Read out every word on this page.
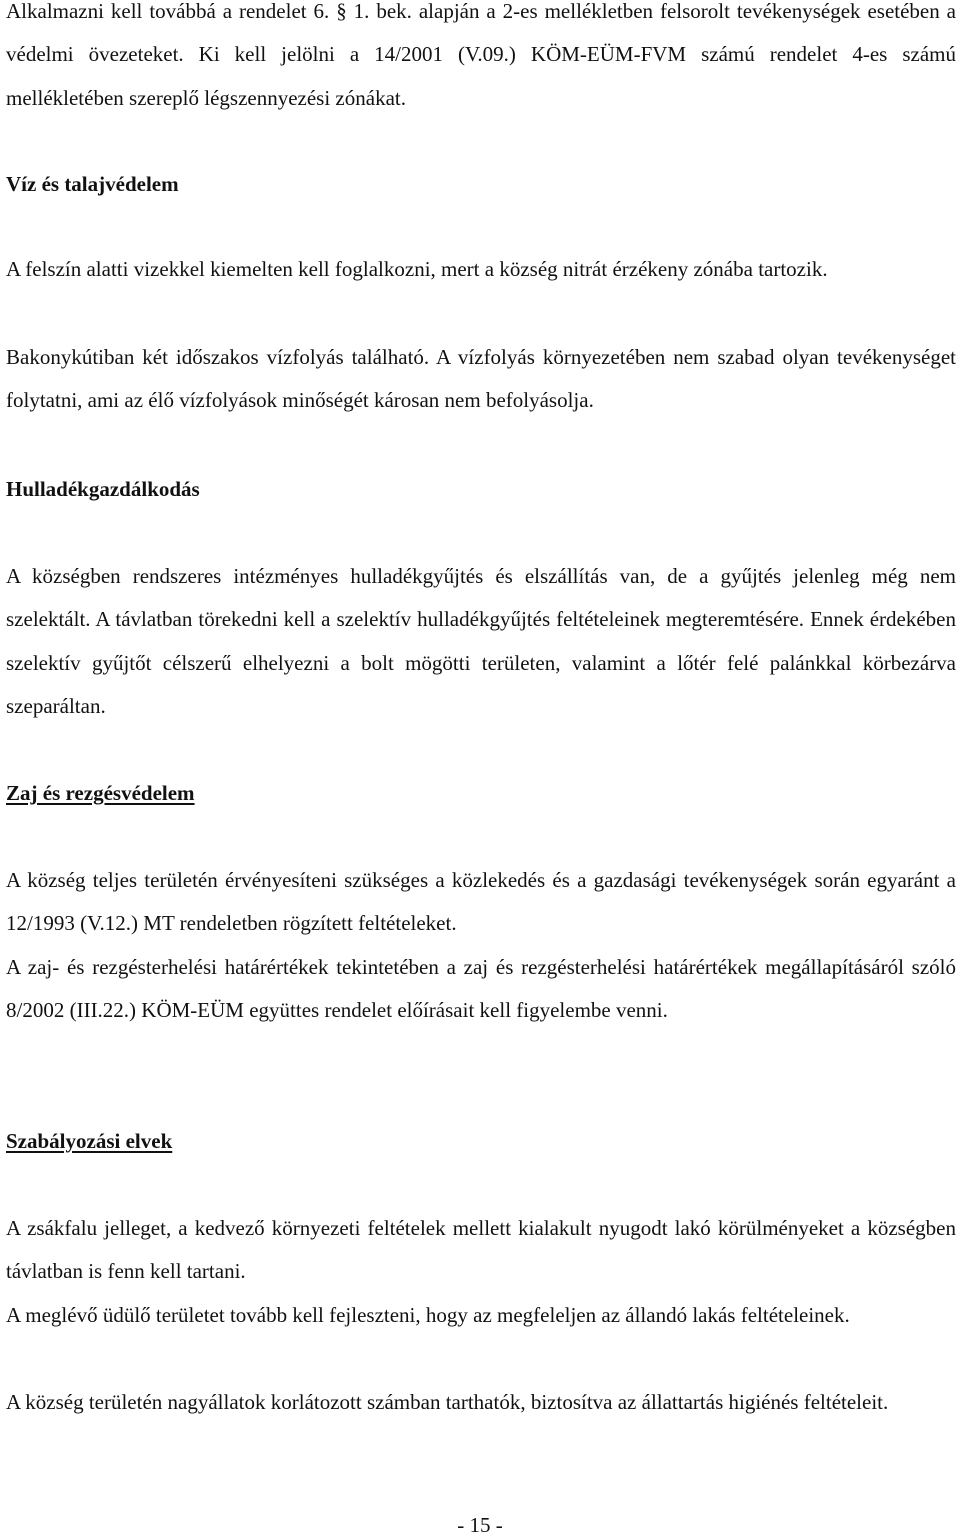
Alkalmazni kell továbbá a rendelet 6. § 1. bek. alapján a 2-es mellékletben felsorolt tevékenységek esetében a védelmi övezeteket. Ki kell jelölni a 14/2001 (V.09.) KÖM-EÜM-FVM számú rendelet 4-es számú mellékletében szereplő légszennyezési zónákat.

Víz és talajvédelem

A felszín alatti vizekkel kiemelten kell foglalkozni, mert a község nitrát érzékeny zónába tartozik.

Bakonykútiban két időszakos vízfolyás található. A vízfolyás környezetében nem szabad olyan tevékenységet folytatni, ami az élő vízfolyások minőségét károsan nem befolyásolja.

Hulladékgazdálkodás

A községben rendszeres intézményes hulladékgyűjtés és elszállítás van, de a gyűjtés jelenleg még nem szelektált. A távlatban törekedni kell a szelektív hulladékgyűjtés feltételeinek megteremtésére. Ennek érdekében szelektív gyűjtőt célszerű elhelyezni a bolt mögötti területen, valamint a lőtér felé palánkkal körbezárva szeparáltan.

Zaj és rezgésvédelem

A község teljes területén érvényesíteni szükséges a közlekedés és a gazdasági tevékenységek során egyaránt a 12/1993 (V.12.) MT rendeletben rögzített feltételeket.

A zaj- és rezgésterhelési határértékek tekintetében a zaj és rezgésterhelési határértékek megállapításáról szóló 8/2002 (III.22.) KÖM-EÜM együttes rendelet előírásait kell figyelembe venni.

Szabályozási elvek

A zsákfalu jelleget, a kedvező környezeti feltételek mellett kialakult nyugodt lakó körülményeket a községben távlatban is fenn kell tartani.

A meglévő üdülő területet tovább kell fejleszteni, hogy az megfeleljen az állandó lakás feltételeinek.

A község területén nagyállatok korlátozott számban tarthatók, biztosítva az állattartás higiénés feltételeit.

- 15 -
